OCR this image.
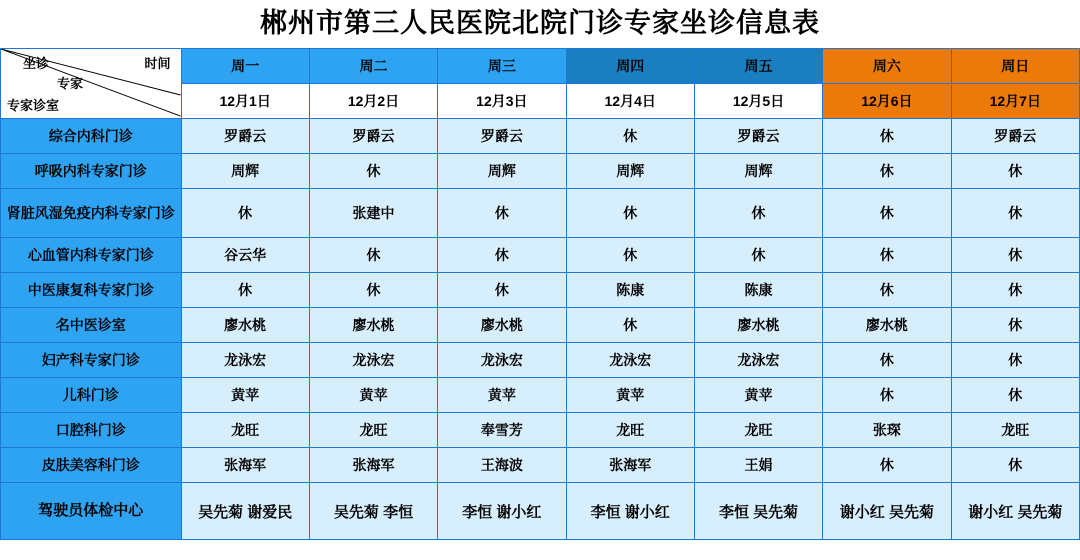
郴州市第三人民医院北院门诊专家坐诊信息表
时间
坐诊
专家
专家诊室	周一	周二	周三	周四	周五	周六	周日
	12月1日	12月2日	12月3日	12月4日	12月5日	12月6日	12月7日
综合内科门诊	罗爵云	罗爵云	罗爵云	休	罗爵云	休	罗爵云
呼吸内科专家门诊	周辉	休	周辉	周辉	周辉	休	休
肾脏风湿免疫内科专家门诊	休	张建中	休	休	休	休	休
心血管内科专家门诊	谷云华	休	休	休	休	休	休
中医康复科专家门诊	休	休	休	陈康	陈康	休	休
名中医诊室	廖水桃	廖水桃	廖水桃	休	廖水桃	廖水桃	休
妇产科专家门诊	龙泳宏	龙泳宏	龙泳宏	龙泳宏	龙泳宏	休	休
儿科门诊	黄苹	黄苹	黄苹	黄苹	黄苹	休	休
口腔科门诊	龙旺	龙旺	奉雪芳	龙旺	龙旺	张琛	龙旺
皮肤美容科门诊	张海军	张海军	王海波	张海军	王娟	休	休
驾驶员体检中心	吴先菊 谢爱民	吴先菊 李恒	李恒 谢小红	李恒 谢小红	李恒 吴先菊	谢小红 吴先菊	谢小红 吴先菊
